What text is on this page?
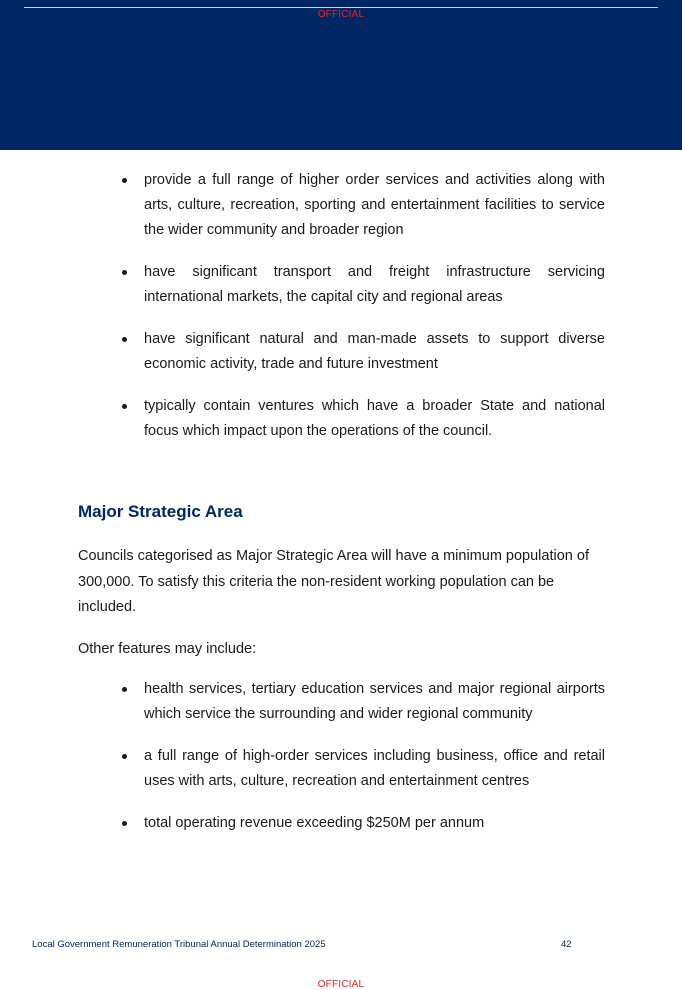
OFFICIAL
provide a full range of higher order services and activities along with arts, culture, recreation, sporting and entertainment facilities to service the wider community and broader region
have significant transport and freight infrastructure servicing international markets, the capital city and regional areas
have significant natural and man-made assets to support diverse economic activity, trade and future investment
typically contain ventures which have a broader State and national focus which impact upon the operations of the council.
Major Strategic Area

Councils categorised as Major Strategic Area will have a minimum population of 300,000. To satisfy this criteria the non-resident working population can be included.

Other features may include:

health services, tertiary education services and major regional airports which service the surrounding and wider regional community
a full range of high-order services including business, office and retail uses with arts, culture, recreation and entertainment centres
total operating revenue exceeding $250M per annum
Local Government Remuneration Tribunal Annual Determination 2025	42
OFFICIAL
